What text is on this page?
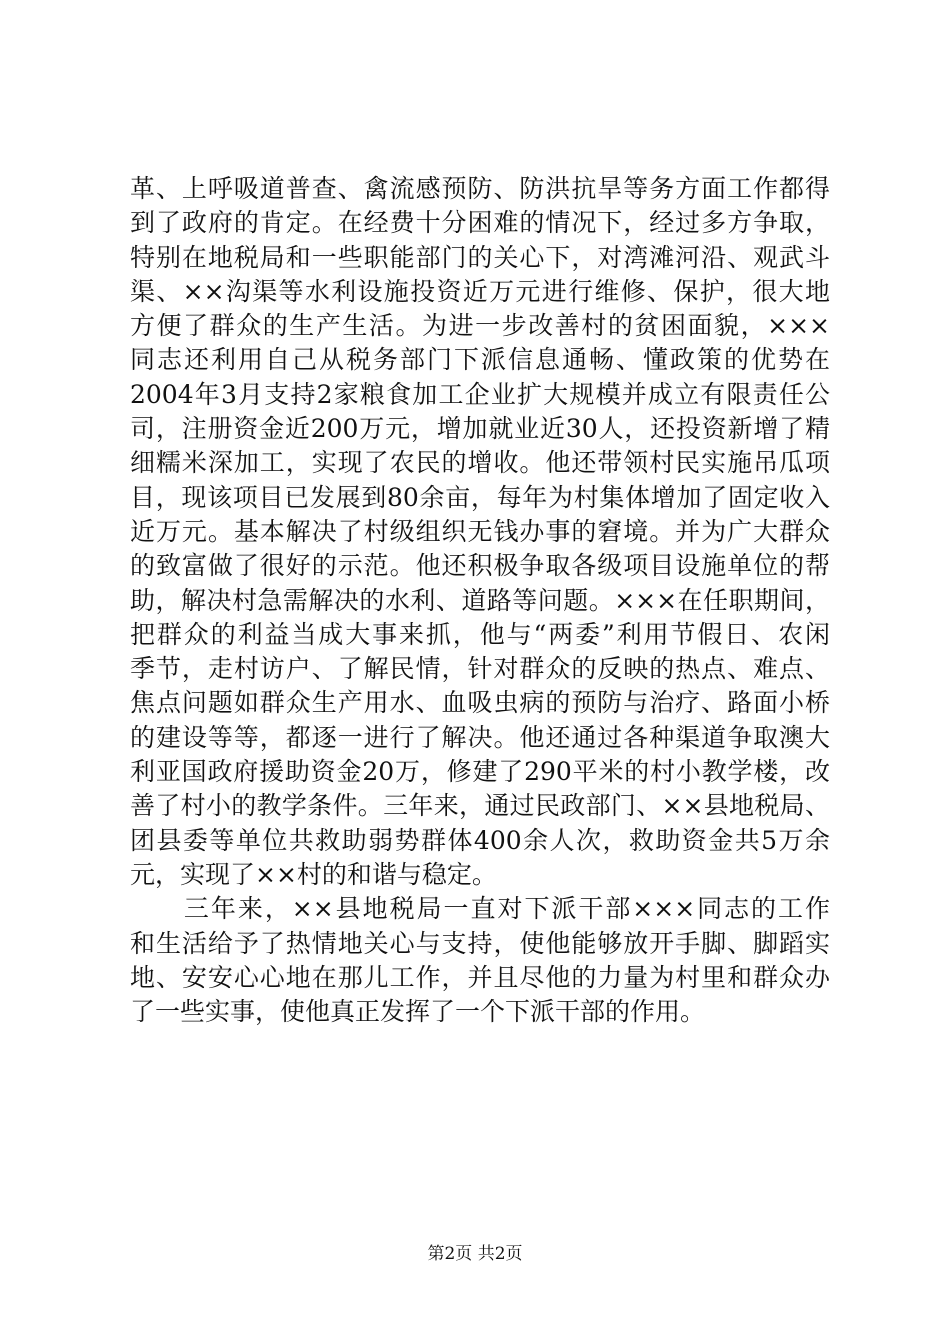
革、上呼吸道普查、禽流感预防、防洪抗旱等务方面工作都得
到了政府的肯定。在经费十分困难的情况下，经过多方争取，
特别在地税局和一些职能部门的关心下，对湾滩河沿、观武斗
渠、××沟渠等水利设施投资近万元进行维修、保护，很大地
方便了群众的生产生活。为进一步改善村的贫困面貌，×××
同志还利用自己从税务部门下派信息通畅、懂政策的优势在
2004年3月支持2家粮食加工企业扩大规模并成立有限责任公
司，注册资金近200万元，增加就业近30人，还投资新增了精
细糯米深加工，实现了农民的增收。他还带领村民实施吊瓜项
目，现该项目已发展到80余亩，每年为村集体增加了固定收入
近万元。基本解决了村级组织无钱办事的窘境。并为广大群众
的致富做了很好的示范。他还积极争取各级项目设施单位的帮
助，解决村急需解决的水利、道路等问题。×××在任职期间，
把群众的利益当成大事来抓，他与“两委”利用节假日、农闲
季节，走村访户、了解民情，针对群众的反映的热点、难点、
焦点问题如群众生产用水、血吸虫病的预防与治疗、路面小桥
的建设等等，都逐一进行了解决。他还通过各种渠道争取澳大
利亚国政府援助资金20万，修建了290平米的村小教学楼，改
善了村小的教学条件。三年来，通过民政部门、××县地税局、
团县委等单位共救助弱势群体400余人次，救助资金共5万余
元，实现了××村的和谐与稳定。
　　三年来，××县地税局一直对下派干部×××同志的工作
和生活给予了热情地关心与支持，使他能够放开手脚、脚蹈实
地、安安心心地在那儿工作，并且尽他的力量为村里和群众办
了一些实事，使他真正发挥了一个下派干部的作用。
第2页 共2页
